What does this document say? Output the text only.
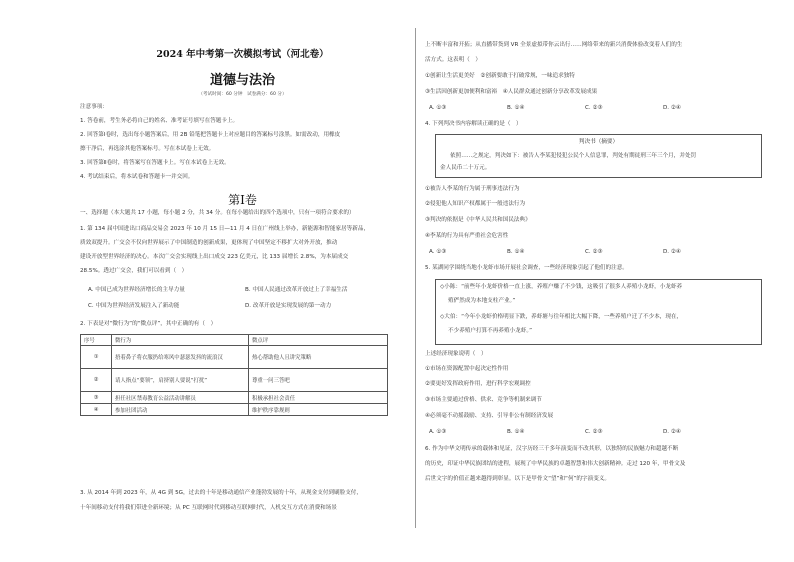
2024 年中考第一次模拟考试（河北卷）
道德与法治
（考试时间：60 分钟　试卷满分：60 分）
注意事项：
1. 答卷前，考生务必将自己的姓名、准考证号填写在答题卡上。
2. 回答第Ⅰ卷时，选出每小题答案后，用 2B 铅笔把答题卡上对应题目的答案标号涂黑。如需改动，用橡皮
擦干净后，再选涂其他答案标号。写在本试卷上无效。
3. 回答第Ⅱ卷时，将答案写在答题卡上。写在本试卷上无效。
4. 考试结束后，将本试卷和答题卡一并交回。
第Ⅰ卷
一、选择题（本大题共 17 小题，每小题 2 分，共 34 分。在每小题给出的四个选项中，只有一项符合要求的）
1. 第 134 届中国进出口商品交易会 2023 年 10 月 15 日—11 月 4 日在广州线上举办，新能源和智能家居等新品，
质效双提升。广交会不仅向世界展示了中国制造的创新成果，更体现了中国坚定不移扩大对外开放，推动
建设开放型世界经济的决心。本次广交会实现线上出口成交 223 亿美元，比 133 届增长 2.8%，为本届成交
28.5%。透过广交会，我们可以看到（　）
A. 中国已成为世界经济增长的主导力量	B. 中国人民通过改革开放过上了幸福生活
C. 中国为世界经济发展注入了新动能	D. 改革开放是实现发展的第一动力
2. 下表是对“微行为”的“微点评”，其中正确的有（　）
序号	微行为	微点评
①	捂着鼻子将衣服扔给寒风中瑟瑟发抖的流浪汉	热心帮助他人且讲究策略
②	请人指点“要领”，肩挤别人要说“打扰”	尊重一问三答吧
③	担任社区禁毒教育公益活动讲解员	积极承担社会责任
④	参加社团活动	维护秩序靠规则
3. 从 2014 年到 2023 年，从 4G 到 5G，过去的十年是移动通信产业蓬勃发展的十年，从现金支付到刷脸支付，
十年间移动支付将我们带进全新环境；从 PC 互联网时代到移动互联网时代，人机交互方式在消费和场景
上不断丰富和开拓；从直播带货到 VR 全景虚拟带你云出行……网络带来的新兴消费体验改变着人们的生
活方式。这表明（　）
①创新让生活更美好　②创新要敢于打破常规，一味追求独特
③生活因创新更加便利和富裕　④人民群众通过创新分享改革发展成果
A. ①③	B. ①④	C. ②③	D. ②④
4. 下列判决书内容解读正确的是（　）
判决书（摘要）
依照……之规定，判决如下：被告人李某犯侵犯公民个人信息罪，判处有期徒刑三年三个月，并处罚
金人民币二十万元。
①被告人李某的行为属于刑事违法行为
②侵犯他人知识产权都属于一般违法行为
③判决的依据是《中华人民共和国民法典》
④李某的行为具有严重社会危害性
A. ①③	B. ①④	C. ②③	D. ②④
5. 某湖同学围绕当地小龙虾市场开展社会调查，一些经济现象引起了他们的注意。
◇小陈：“前些年小龙虾价格一直上涨，养殖户赚了不少钱，这吸引了很多人养殖小龙虾，小龙虾养
殖俨然成为本地支柱产业。”
◇大伯：“今年小龙虾价格明显下跌，养虾塘与往年相比大幅下降，一些养殖户迁了不少本，现在，
不少养殖户打算不再养殖小龙虾。”
上述经济现象说明（　）
①市场在资源配置中起决定性作用
②要更好发挥政府作用，进行科学宏观调控
③市场主要通过价格、供求、竞争等机制来调节
④必须毫不动摇鼓励、支持、引导非公有制经济发展
A. ①③	B. ①④	C. ②③	D. ②④
6. 作为中华文明传承的载体和见证，汉字历经三千多年演变而不改其形，以独特的民族魅力和超越不断
的历史，印证中华民族团结的进程，展现了中华民族的卓越智慧和伟大创新精神。走过 120 年，甲骨文及
后世文字的价值正越来越得到彰显。以下是甲骨文“望”和“何”的字演变义。
